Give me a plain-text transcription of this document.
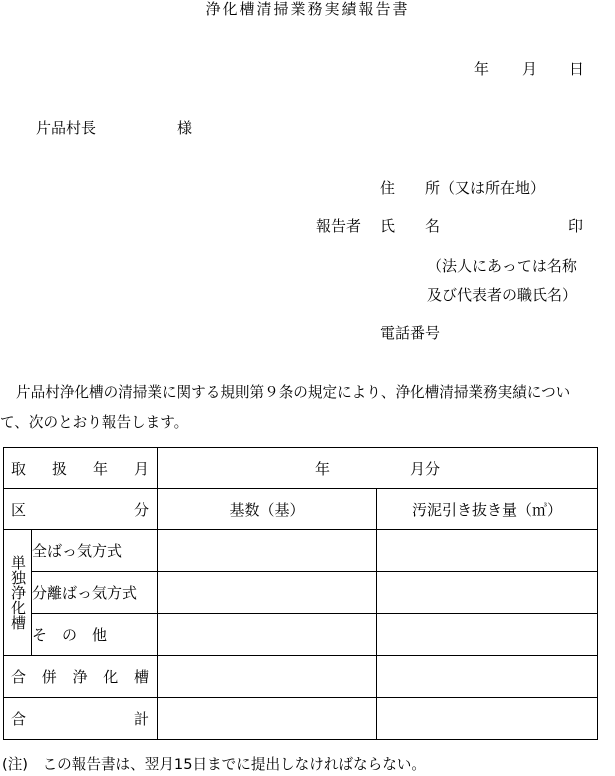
浄化槽清掃業務実績報告書
年 月 日
片品村長	様
住　　所（又は所在地）
報告者 氏　　名	印
（法人にあっては名称
及び代表者の職氏名）
電話番号
片品村浄化槽の清掃業に関する規則第９条の規定により、浄化槽清掃業務実績につい
て、次のとおり報告します。
取 扱 年 月		年 月分	

区 分		基数（基）	汚泥引き抜き量（㎥）

単独浄化槽	全ばっ気方式		
	分離ばっ気方式		
	そ　の　他		

合 併 浄 化 槽			

合 計			

(注)　この報告書は、翌月15日までに提出しなければならない。
